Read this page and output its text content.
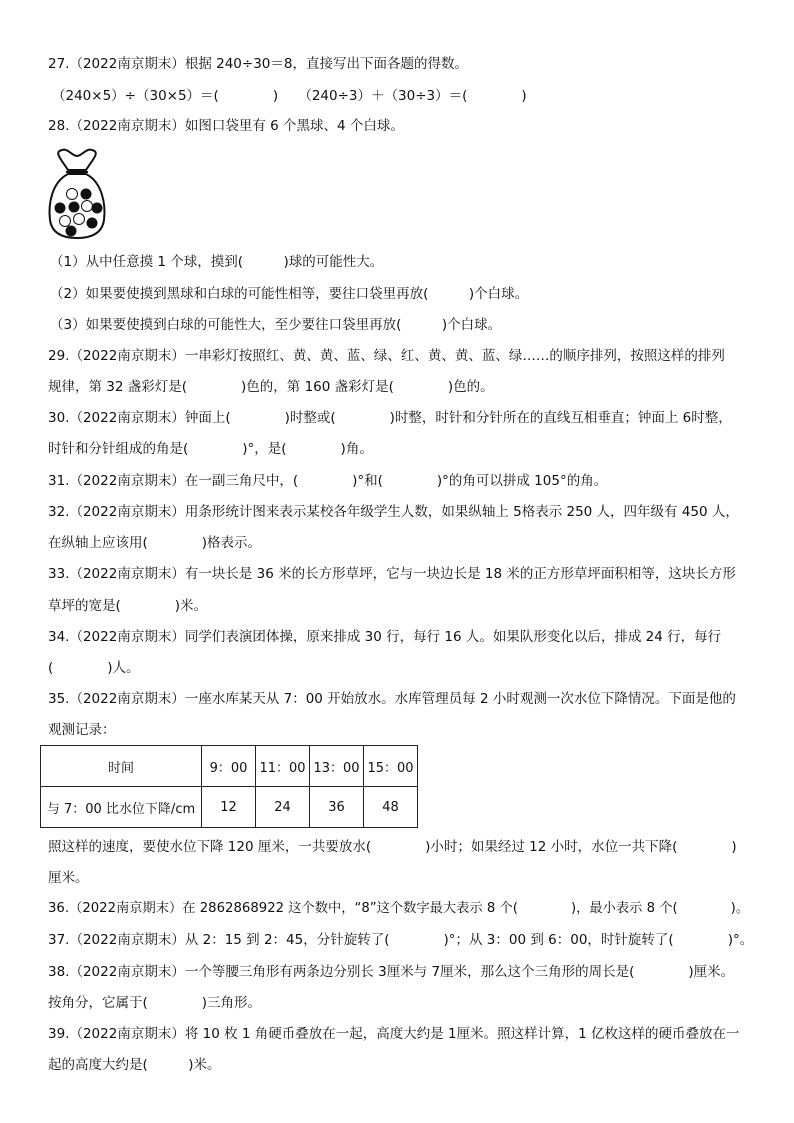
27.（2022南京期末）根据 240÷30＝8，直接写出下面各题的得数。
（240×5）÷（30×5）＝(　　　　)　　（240÷3）＋（30÷3）＝(　　　　)
28.（2022南京期末）如图口袋里有 6 个黑球、4 个白球。
（1）从中任意摸 1 个球，摸到(　　　)球的可能性大。
（2）如果要使摸到黑球和白球的可能性相等，要往口袋里再放(　　　)个白球。
（3）如果要使摸到白球的可能性大，至少要往口袋里再放(　　　)个白球。
29.（2022南京期末）一串彩灯按照红、黄、黄、蓝、绿、红、黄、黄、蓝、绿……的顺序排列，按照这样的排列
规律，第 32 盏彩灯是(　　　　)色的，第 160 盏彩灯是(　　　　)色的。
30.（2022南京期末）钟面上(　　　　)时整或(　　　　)时整，时针和分针所在的直线互相垂直；钟面上 6时整，
时针和分针组成的角是(　　　　)°，是(　　　　)角。
31.（2022南京期末）在一副三角尺中，(　　　　)°和(　　　　)°的角可以拼成 105°的角。
32.（2022南京期末）用条形统计图来表示某校各年级学生人数，如果纵轴上 5格表示 250 人，四年级有 450 人，
在纵轴上应该用(　　　　)格表示。
33.（2022南京期末）有一块长是 36 米的长方形草坪，它与一块边长是 18 米的正方形草坪面积相等，这块长方形
草坪的宽是(　　　　)米。
34.（2022南京期末）同学们表演团体操，原来排成 30 行，每行 16 人。如果队形变化以后，排成 24 行，每行
(　　　　)人。
35.（2022南京期末）一座水库某天从 7：00 开始放水。水库管理员每 2 小时观测一次水位下降情况。下面是他的
观测记录：
时间	9：00	11：00	13：00	15：00
与 7：00 比水位下降/cm	12	24	36	48
照这样的速度，要使水位下降 120 厘米，一共要放水(　　　　)小时；如果经过 12 小时，水位一共下降(　　　　)
厘米。
36.（2022南京期末）在 2862868922 这个数中，“8”这个数字最大表示 8 个(　　　　)，最小表示 8 个(　　　　)。
37.（2022南京期末）从 2：15 到 2：45，分针旋转了(　　　　)°；从 3：00 到 6：00，时针旋转了(　　　　)°。
38.（2022南京期末）一个等腰三角形有两条边分别长 3厘米与 7厘米，那么这个三角形的周长是(　　　　)厘米。
按角分，它属于(　　　　)三角形。
39.（2022南京期末）将 10 枚 1 角硬币叠放在一起，高度大约是 1厘米。照这样计算，1 亿枚这样的硬币叠放在一
起的高度大约是(　　　)米。
